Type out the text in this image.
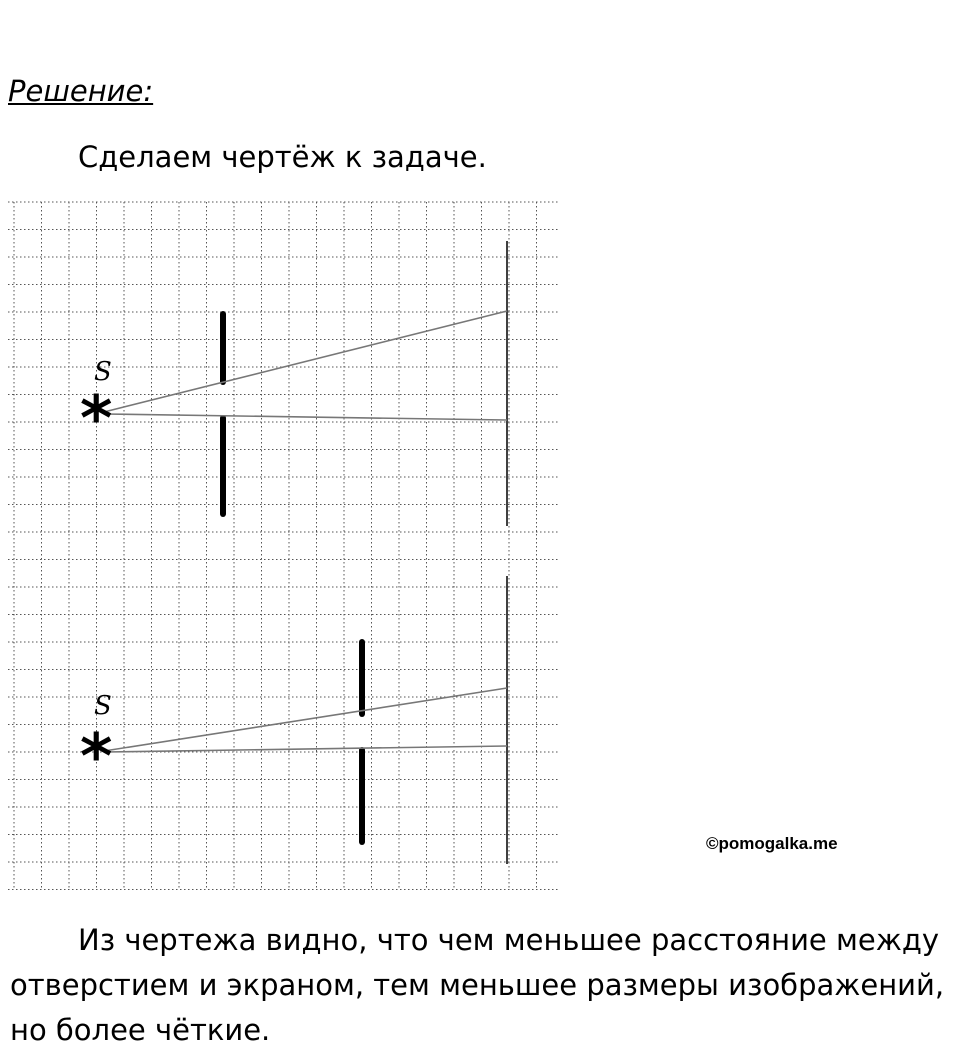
Решение:
Сделаем чертёж к задаче.
*
S
*
S
©pomogalka.me

Из чертежа видно, что чем меньшее расстояние между отверстием и экраном, тем меньшее размеры изображений, но более чёткие.
